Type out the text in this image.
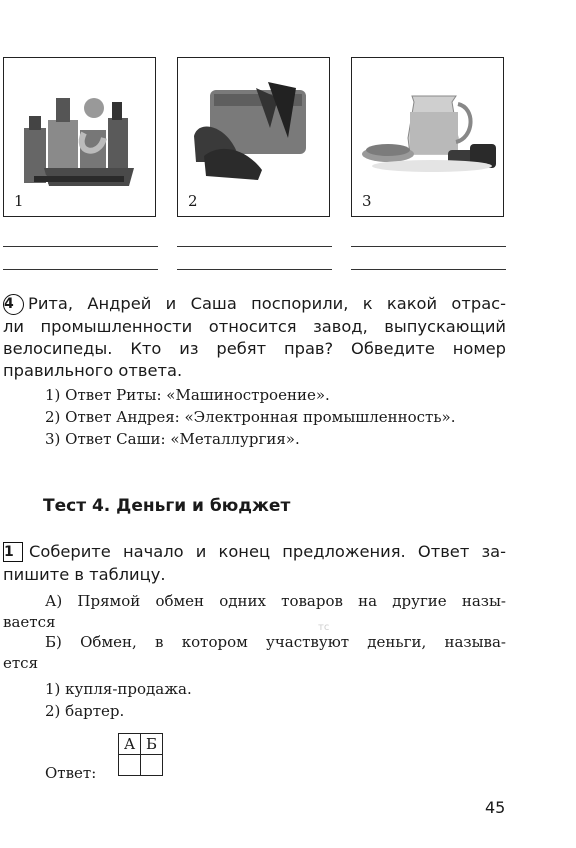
1	2	3
4 Рита, Андрей и Саша поспорили, к какой отрас-
ли промышленности относится завод, выпускающий
велосипеды. Кто из ребят прав? Обведите номер
правильного ответа.
1) Ответ Риты: «Машиностроение».
2) Ответ Андрея: «Электронная промышленность».
3) Ответ Саши: «Металлургия».
Тест 4. Деньги и бюджет
1 Соберите начало и конец предложения. Ответ за-
пишите в таблицу.
А) Прямой обмен одних товаров на другие назы-
вается	тс
Б) Обмен, в котором участвуют деньги, называ-
ется
1) купля-продажа.
2) бартер.
Ответ:
А	Б

45
